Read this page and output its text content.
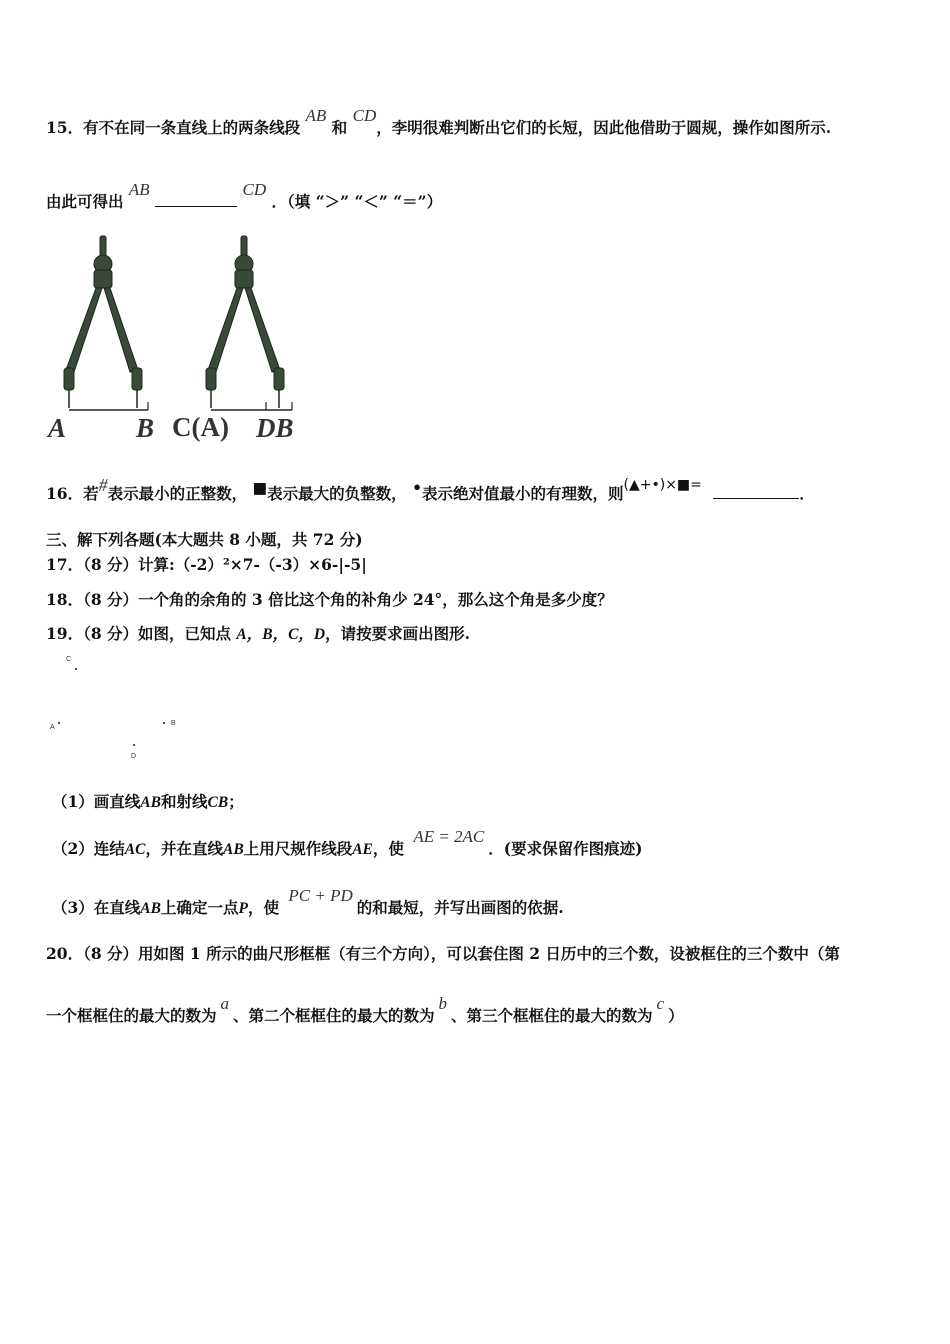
15．有不在同一条直线上的两条线段 AB 和 CD，李明很难判断出它们的长短，因此他借助于圆规，操作如图所示.
由此可得出 AB	CD ．（填 “＞” “＜” “＝”）
A	B C(A) DB
16．若#表示最小的正整数， ■表示最大的负整数， •表示绝对值最小的有理数，则(▲+•)×■=	．
三、解下列各题(本大题共 8 小题，共 72 分)
17．（8 分）计算:（-2）²×7-（-3）×6-|-5|
18．（8 分）一个角的余角的 3 倍比这个角的补角少 24°，那么这个角是多少度？
19．（8 分）如图，已知点 A，B，C，D，请按要求画出图形.
C
A
B
D
（1）画直线AB和射线CB；
（2）连结AC，并在直线AB上用尺规作线段AE，使 AE = 2AC．(要求保留作图痕迹)
（3）在直线AB上确定一点P，使 PC + PD的和最短，并写出画图的依据.
20．（8 分）用如图 1 所示的曲尺形框框（有三个方向），可以套住图 2 日历中的三个数，设被框住的三个数中（第
一个框框住的最大的数为a、第二个框框住的最大的数为b、第三个框框住的最大的数为c）
